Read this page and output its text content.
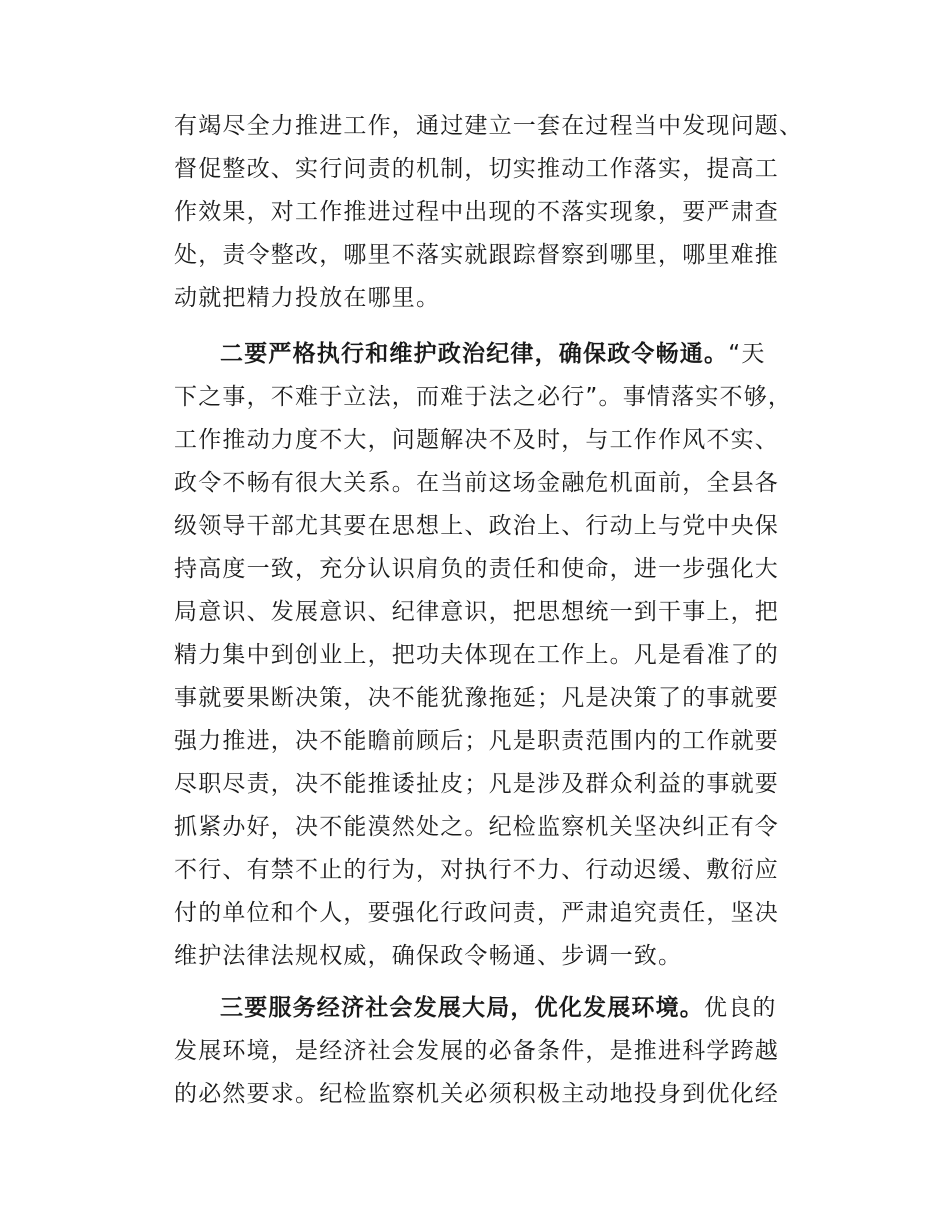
有竭尽全力推进工作，通过建立一套在过程当中发现问题、
督促整改、实行问责的机制，切实推动工作落实，提高工
作效果，对工作推进过程中出现的不落实现象，要严肃查
处，责令整改，哪里不落实就跟踪督察到哪里，哪里难推
动就把精力投放在哪里。
二要严格执行和维护政治纪律，确保政令畅通。“天
下之事，不难于立法，而难于法之必行”。事情落实不够，
工作推动力度不大，问题解决不及时，与工作作风不实、
政令不畅有很大关系。在当前这场金融危机面前，全县各
级领导干部尤其要在思想上、政治上、行动上与党中央保
持高度一致，充分认识肩负的责任和使命，进一步强化大
局意识、发展意识、纪律意识，把思想统一到干事上，把
精力集中到创业上，把功夫体现在工作上。凡是看准了的
事就要果断决策，决不能犹豫拖延；凡是决策了的事就要
强力推进，决不能瞻前顾后；凡是职责范围内的工作就要
尽职尽责，决不能推诿扯皮；凡是涉及群众利益的事就要
抓紧办好，决不能漠然处之。纪检监察机关坚决纠正有令
不行、有禁不止的行为，对执行不力、行动迟缓、敷衍应
付的单位和个人，要强化行政问责，严肃追究责任，坚决
维护法律法规权威，确保政令畅通、步调一致。
三要服务经济社会发展大局，优化发展环境。优良的
发展环境，是经济社会发展的必备条件，是推进科学跨越
的必然要求。纪检监察机关必须积极主动地投身到优化经
